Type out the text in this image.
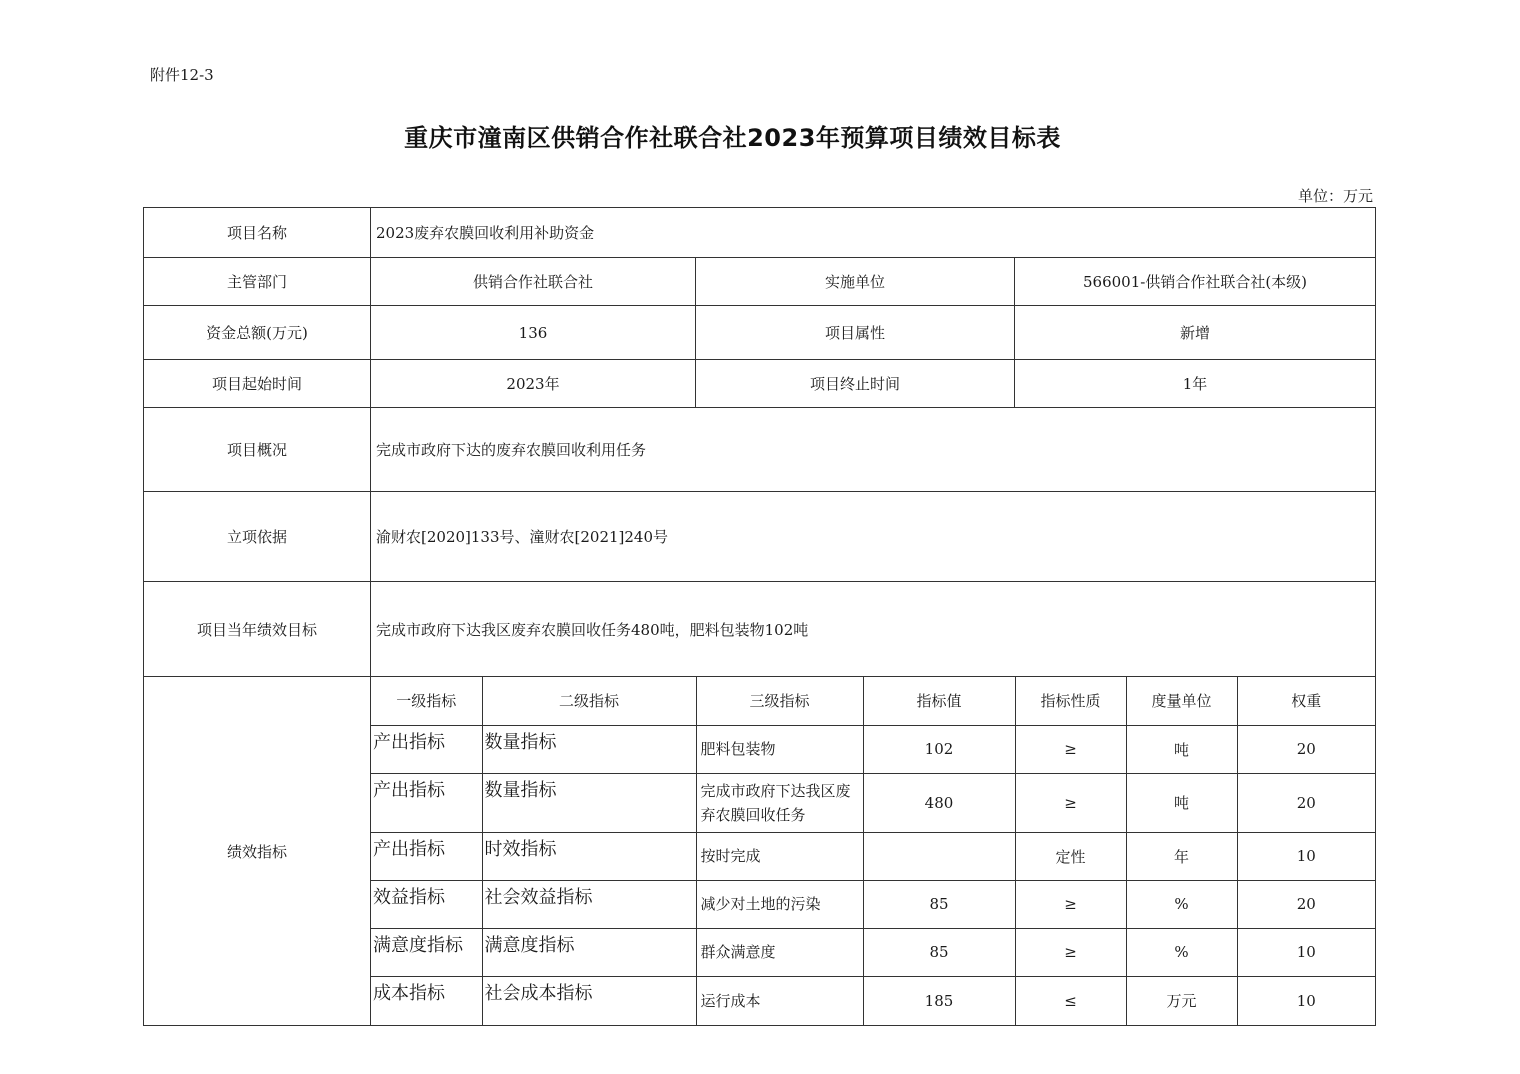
附件12-3
重庆市潼南区供销合作社联合社2023年预算项目绩效目标表
单位：万元
项目名称	2023废弃农膜回收利用补助资金
主管部门	供销合作社联合社	实施单位	566001-供销合作社联合社(本级)
资金总额(万元)	136	项目属性	新增
项目起始时间	2023年	项目终止时间	1年
项目概况	完成市政府下达的废弃农膜回收利用任务
立项依据	渝财农[2020]133号、潼财农[2021]240号
项目当年绩效目标	完成市政府下达我区废弃农膜回收任务480吨，肥料包装物102吨
绩效指标	
一级指标	二级指标	三级指标	指标值	指标性质	度量单位	权重
产出指标	数量指标	肥料包装物	102	≥	吨	20
产出指标	数量指标	完成市政府下达我区废弃农膜回收任务	480	≥	吨	20
产出指标	时效指标	按时完成		定性	年	10
效益指标	社会效益指标	减少对土地的污染	85	≥	%	20
满意度指标	满意度指标	群众满意度	85	≥	%	10
成本指标	社会成本指标	运行成本	185	≤	万元	10
